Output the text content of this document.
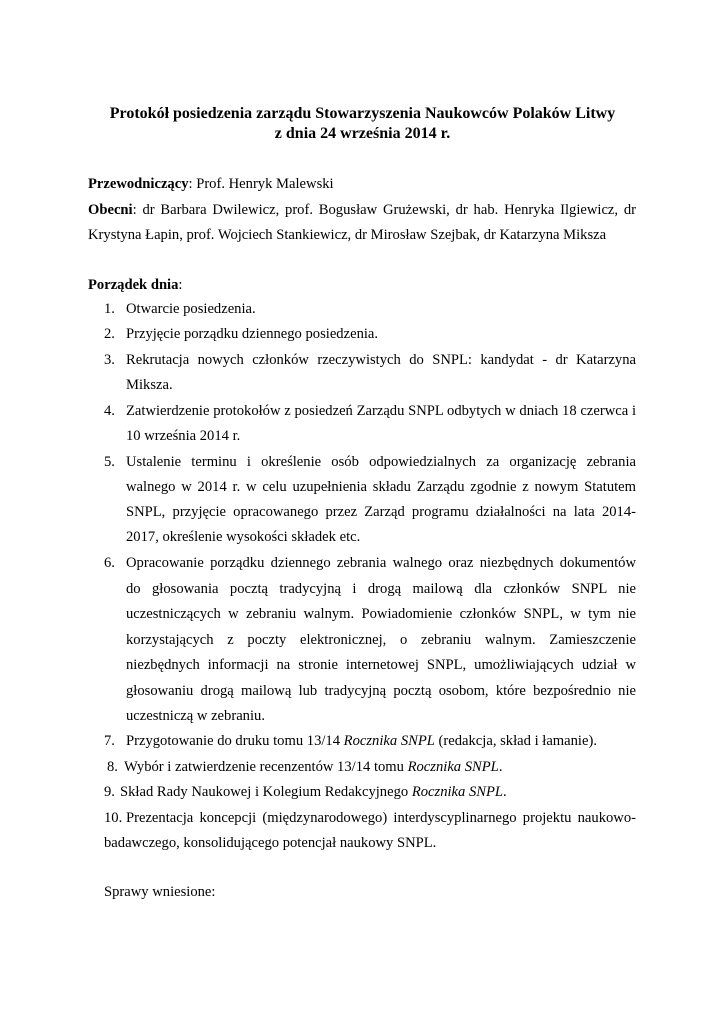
Protokół posiedzenia zarządu Stowarzyszenia Naukowców Polaków Litwy
z dnia 24 września 2014 r.
Przewodniczący: Prof. Henryk Malewski
Obecni: dr Barbara Dwilewicz, prof. Bogusław Grużewski, dr hab. Henryka Ilgiewicz, dr
Krystyna Łapin, prof. Wojciech Stankiewicz, dr Mirosław Szejbak, dr Katarzyna Miksza
Porządek dnia:
1. Otwarcie posiedzenia.
2. Przyjęcie porządku dziennego posiedzenia.
3. Rekrutacja nowych członków rzeczywistych do SNPL: kandydat - dr Katarzyna
Miksza.
4. Zatwierdzenie protokołów z posiedzeń Zarządu SNPL odbytych w dniach 18 czerwca i
10 września 2014 r.
5. Ustalenie terminu i określenie osób odpowiedzialnych za organizację zebrania
walnego w 2014 r. w celu uzupełnienia składu Zarządu zgodnie z nowym Statutem
SNPL, przyjęcie opracowanego przez Zarząd programu działalności na lata 2014-
2017, określenie wysokości składek etc.
6. Opracowanie porządku dziennego zebrania walnego oraz niezbędnych dokumentów
do głosowania pocztą tradycyjną i drogą mailową dla członków SNPL nie
uczestniczących w zebraniu walnym. Powiadomienie członków SNPL, w tym nie
korzystających z poczty elektronicznej, o zebraniu walnym. Zamieszczenie
niezbędnych informacji na stronie internetowej SNPL, umożliwiających udział w
głosowaniu drogą mailową lub tradycyjną pocztą osobom, które bezpośrednio nie
uczestniczą w zebraniu.
7. Przygotowanie do druku tomu 13/14 Rocznika SNPL (redakcja, skład i łamanie).
8. Wybór i zatwierdzenie recenzentów 13/14 tomu Rocznika SNPL.
9. Skład Rady Naukowej i Kolegium Redakcyjnego Rocznika SNPL.
10. Prezentacja koncepcji (międzynarodowego) interdyscyplinarnego projektu naukowo-
badawczego, konsolidującego potencjał naukowy SNPL.
Sprawy wniesione:
